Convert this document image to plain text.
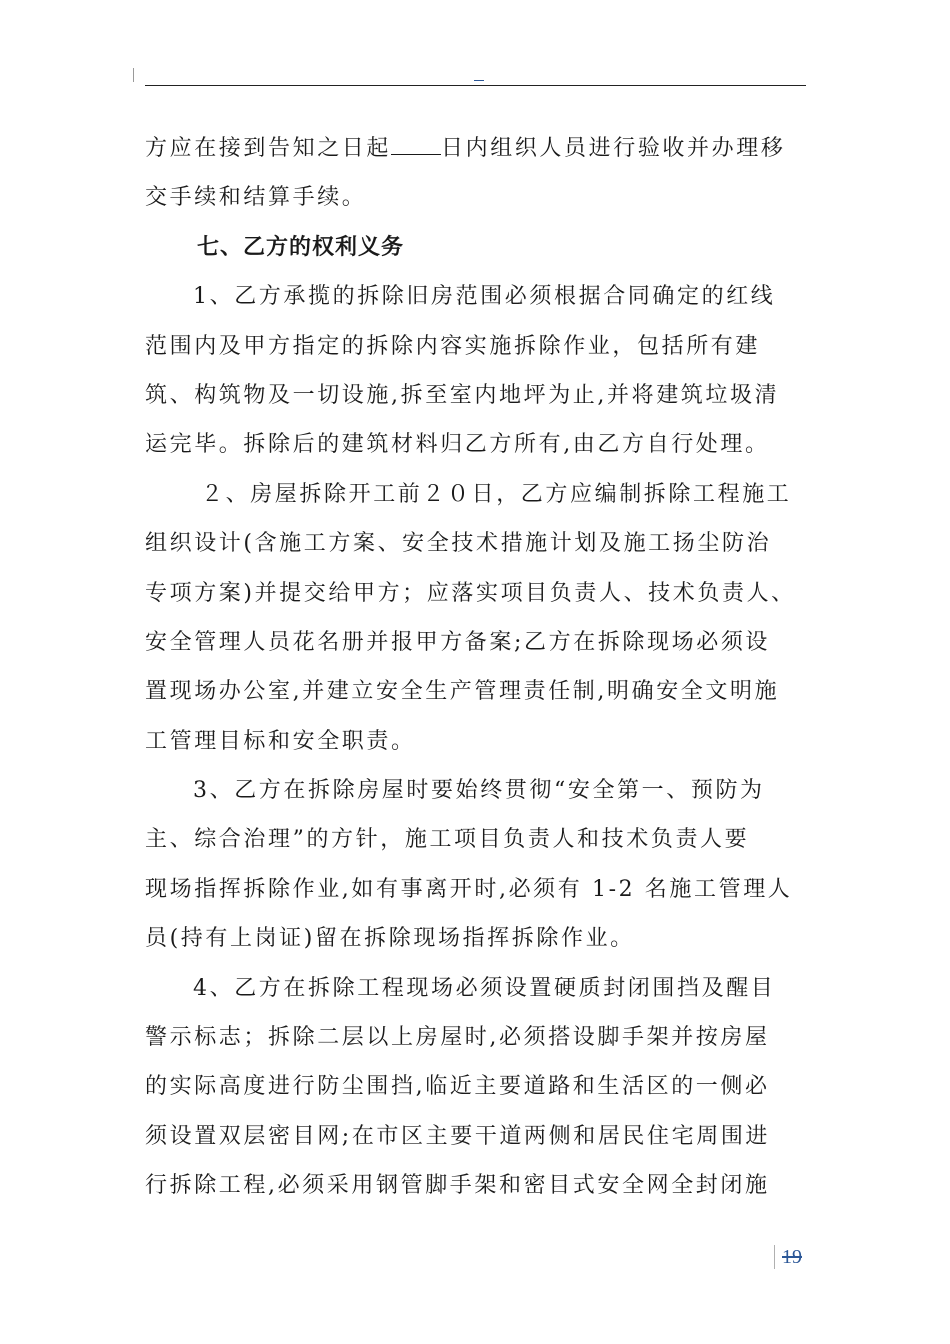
方应在接到告知之日起 日内组织人员进行验收并办理移
交手续和结算手续。
七、乙方的权利义务
1、乙方承揽的拆除旧房范围必须根据合同确定的红线
范围内及甲方指定的拆除内容实施拆除作业，包括所有建
筑、构筑物及一切设施,拆至室内地坪为止,并将建筑垃圾清
运完毕。拆除后的建筑材料归乙方所有,由乙方自行处理。
２、房屋拆除开工前２０日，乙方应编制拆除工程施工
组织设计(含施工方案、安全技术措施计划及施工扬尘防治
专项方案)并提交给甲方；应落实项目负责人、技术负责人、
安全管理人员花名册并报甲方备案;乙方在拆除现场必须设
置现场办公室,并建立安全生产管理责任制,明确安全文明施
工管理目标和安全职责。
3、乙方在拆除房屋时要始终贯彻“安全第一、预防为
主、综合治理”的方针，施工项目负责人和技术负责人要
现场指挥拆除作业,如有事离开时,必须有 1-2 名施工管理人
员(持有上岗证)留在拆除现场指挥拆除作业。
4、乙方在拆除工程现场必须设置硬质封闭围挡及醒目
警示标志；拆除二层以上房屋时,必须搭设脚手架并按房屋
的实际高度进行防尘围挡,临近主要道路和生活区的一侧必
须设置双层密目网;在市区主要干道两侧和居民住宅周围进
行拆除工程,必须采用钢管脚手架和密目式安全网全封闭施
19
